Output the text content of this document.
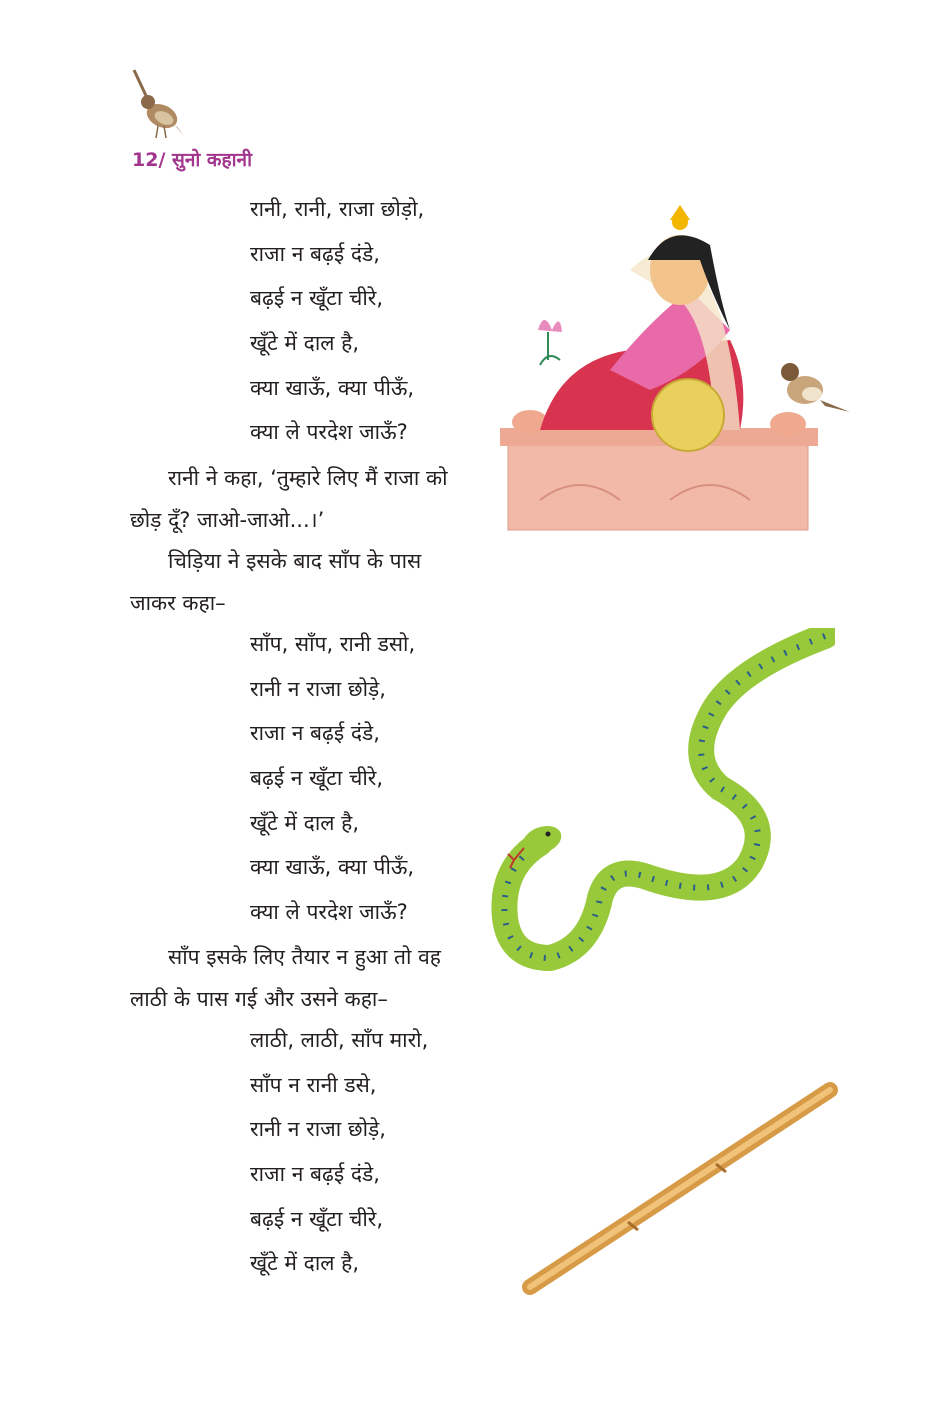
12/ सुनो कहानी
रानी, रानी, राजा छोड़ो,
राजा न बढ़ई दंडे,
बढ़ई न खूँटा चीरे,
खूँटे में दाल है,
क्या खाऊँ, क्या पीऊँ,
क्या ले परदेश जाऊँ?

रानी ने कहा, ‘तुम्हारे लिए मैं राजा को छोड़ दूँ? जाओ-जाओ...।’

चिड़िया ने इसके बाद साँप के पास जाकर कहा–

साँप, साँप, रानी डसो,
रानी न राजा छोड़े,
राजा न बढ़ई दंडे,
बढ़ई न खूँटा चीरे,
खूँटे में दाल है,
क्या खाऊँ, क्या पीऊँ,
क्या ले परदेश जाऊँ?

साँप इसके लिए तैयार न हुआ तो वह लाठी के पास गई और उसने कहा–

लाठी, लाठी, साँप मारो,
साँप न रानी डसे,
रानी न राजा छोड़े,
राजा न बढ़ई दंडे,
बढ़ई न खूँटा चीरे,
खूँटे में दाल है,
